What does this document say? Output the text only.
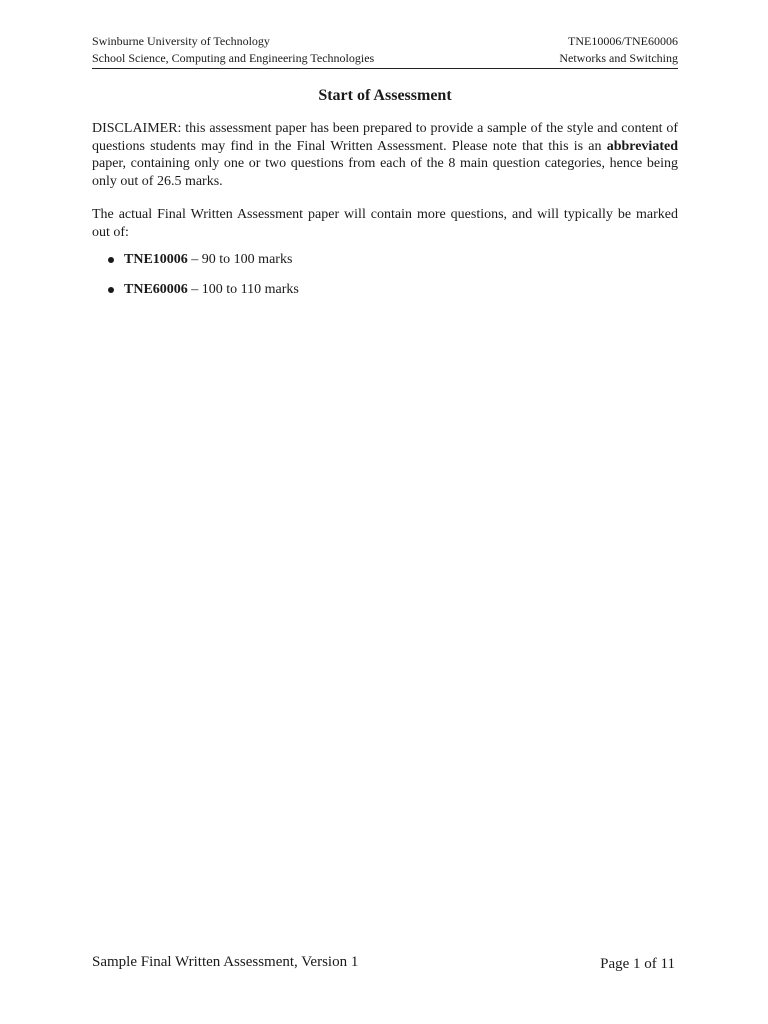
Swinburne University of Technology	TNE10006/TNE60006
School Science, Computing and Engineering Technologies	Networks and Switching
Start of Assessment

DISCLAIMER: this assessment paper has been prepared to provide a sample of the style and content of questions students may find in the Final Written Assessment. Please note that this is an abbreviated paper, containing only one or two questions from each of the 8 main question categories, hence being only out of 26.5 marks.

The actual Final Written Assessment paper will contain more questions, and will typically be marked out of:

TNE10006 – 90 to 100 marks
TNE60006 – 100 to 110 marks
Sample Final Written Assessment, Version 1	Page 1 of 11
